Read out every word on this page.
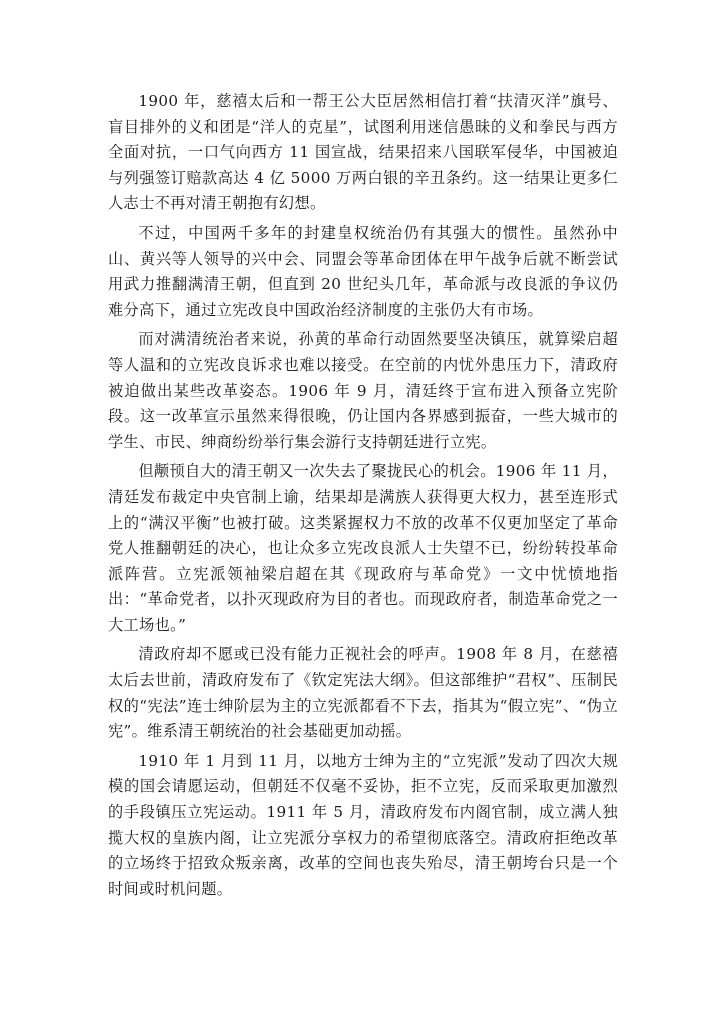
1900 年，慈禧太后和一帮王公大臣居然相信打着“扶清灭洋”旗号、盲目排外的义和团是“洋人的克星”，试图利用迷信愚昧的义和拳民与西方全面对抗，一口气向西方 11 国宣战，结果招来八国联军侵华，中国被迫与列强签订赔款高达 4 亿 5000 万两白银的辛丑条约。这一结果让更多仁人志士不再对清王朝抱有幻想。

不过，中国两千多年的封建皇权统治仍有其强大的惯性。虽然孙中山、黄兴等人领导的兴中会、同盟会等革命团体在甲午战争后就不断尝试用武力推翻满清王朝，但直到 20 世纪头几年，革命派与改良派的争议仍难分高下，通过立宪改良中国政治经济制度的主张仍大有市场。

而对满清统治者来说，孙黄的革命行动固然要坚决镇压，就算梁启超等人温和的立宪改良诉求也难以接受。在空前的内忧外患压力下，清政府被迫做出某些改革姿态。1906 年 9 月，清廷终于宣布进入预备立宪阶段。这一改革宣示虽然来得很晚，仍让国内各界感到振奋，一些大城市的学生、市民、绅商纷纷举行集会游行支持朝廷进行立宪。

但颟顸自大的清王朝又一次失去了聚拢民心的机会。1906 年 11 月，清廷发布裁定中央官制上谕，结果却是满族人获得更大权力，甚至连形式上的“满汉平衡”也被打破。这类紧握权力不放的改革不仅更加坚定了革命党人推翻朝廷的决心，也让众多立宪改良派人士失望不已，纷纷转投革命派阵营。立宪派领袖梁启超在其《现政府与革命党》一文中忧愤地指出：“革命党者，以扑灭现政府为目的者也。而现政府者，制造革命党之一大工场也。”

清政府却不愿或已没有能力正视社会的呼声。1908 年 8 月，在慈禧太后去世前，清政府发布了《钦定宪法大纲》。但这部维护“君权”、压制民权的“宪法”连士绅阶层为主的立宪派都看不下去，指其为“假立宪”、“伪立宪”。维系清王朝统治的社会基础更加动摇。

1910 年 1 月到 11 月，以地方士绅为主的“立宪派”发动了四次大规模的国会请愿运动，但朝廷不仅毫不妥协，拒不立宪，反而采取更加激烈的手段镇压立宪运动。1911 年 5 月，清政府发布内阁官制，成立满人独揽大权的皇族内阁，让立宪派分享权力的希望彻底落空。清政府拒绝改革的立场终于招致众叛亲离，改革的空间也丧失殆尽，清王朝垮台只是一个时间或时机问题。
